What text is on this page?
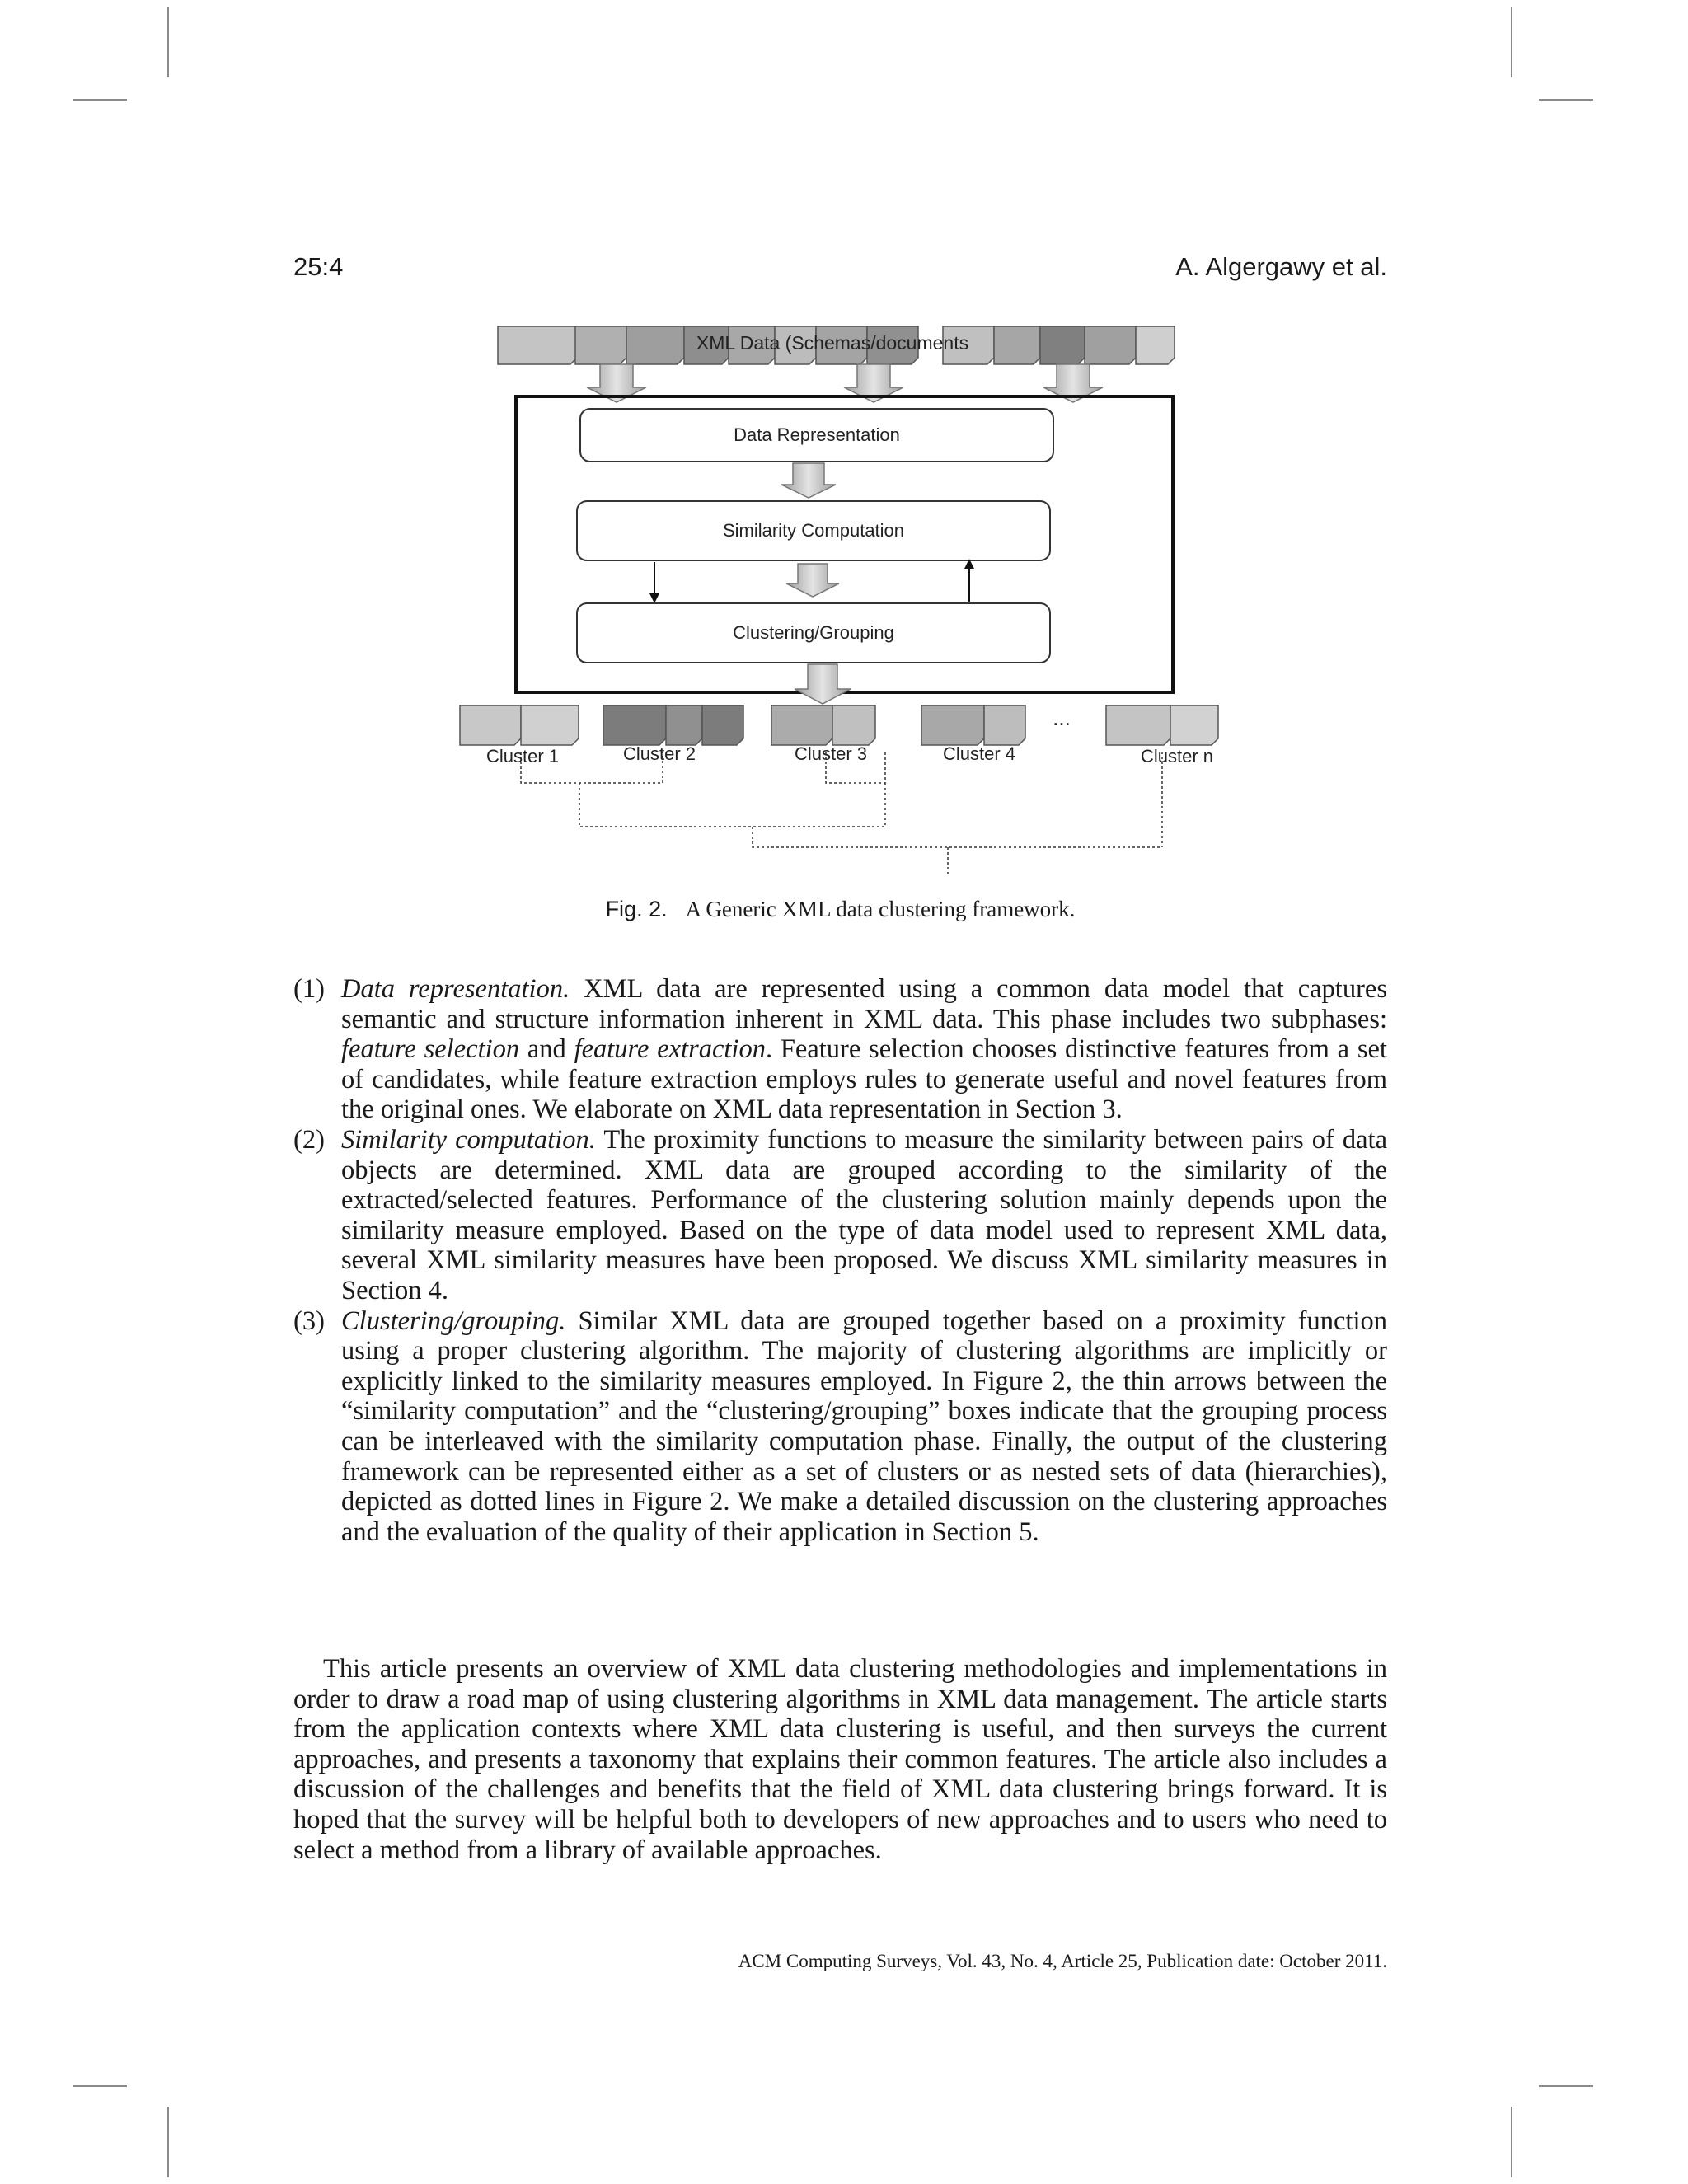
25:4	A. Algergawy et al.
XML Data (Schemas/documents
Data Representation
Similarity Computation
Clustering/Grouping
...
Cluster 1	Cluster 2	Cluster 3	Cluster 4	Cluster n
Fig. 2. A Generic XML data clustering framework.
(1) Data representation. XML data are represented using a common data model that captures semantic and structure information inherent in XML data. This phase includes two subphases: feature selection and feature extraction. Feature selection chooses distinctive features from a set of candidates, while feature extraction employs rules to generate useful and novel features from the original ones. We elaborate on XML data representation in Section 3.
(2) Similarity computation. The proximity functions to measure the similarity between pairs of data objects are determined. XML data are grouped according to the similarity of the extracted/selected features. Performance of the clustering solution mainly depends upon the similarity measure employed. Based on the type of data model used to represent XML data, several XML similarity measures have been proposed. We discuss XML similarity measures in Section 4.
(3) Clustering/grouping. Similar XML data are grouped together based on a proximity function using a proper clustering algorithm. The majority of clustering algorithms are implicitly or explicitly linked to the similarity measures employed. In Figure 2, the thin arrows between the “similarity computation” and the “clustering/grouping” boxes indicate that the grouping process can be interleaved with the similarity computation phase. Finally, the output of the clustering framework can be represented either as a set of clusters or as nested sets of data (hierarchies), depicted as dotted lines in Figure 2. We make a detailed discussion on the clustering approaches and the evaluation of the quality of their application in Section 5.

This article presents an overview of XML data clustering methodologies and implementations in order to draw a road map of using clustering algorithms in XML data management. The article starts from the application contexts where XML data clustering is useful, and then surveys the current approaches, and presents a taxonomy that explains their common features. The article also includes a discussion of the challenges and benefits that the field of XML data clustering brings forward. It is hoped that the survey will be helpful both to developers of new approaches and to users who need to select a method from a library of available approaches.

ACM Computing Surveys, Vol. 43, No. 4, Article 25, Publication date: October 2011.
